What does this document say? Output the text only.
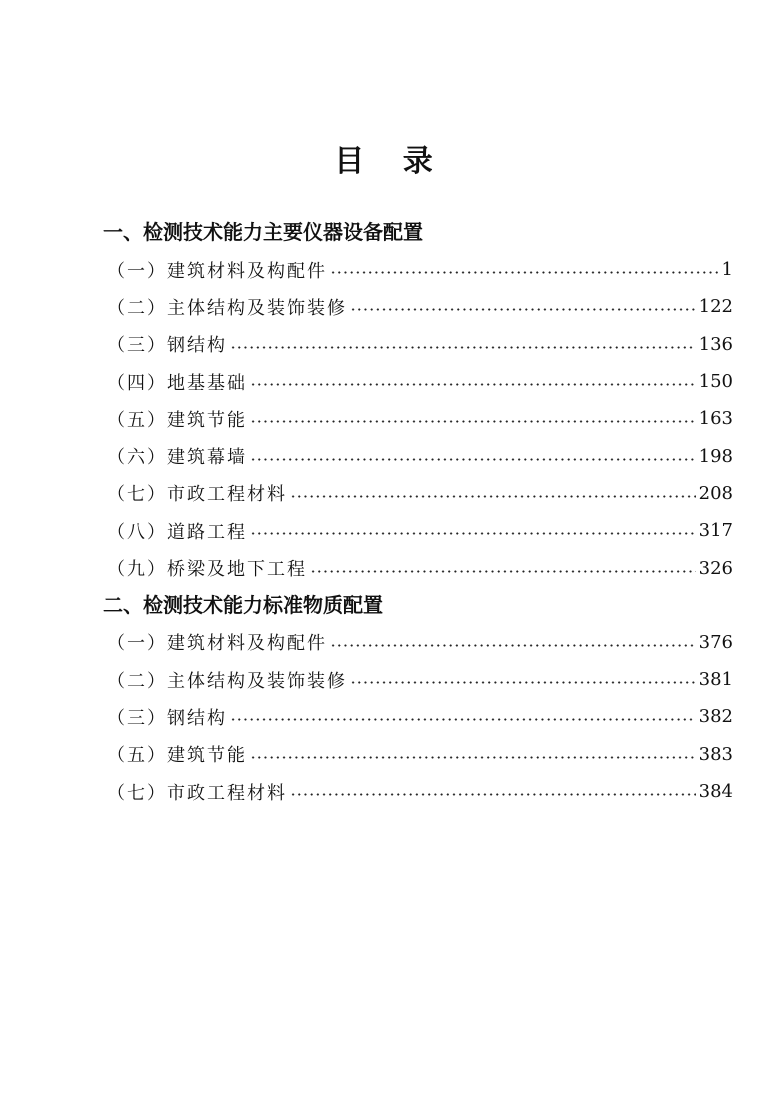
目 录
一、检测技术能力主要仪器设备配置
（一）建筑材料及构配件	1
（二）主体结构及装饰装修	122
（三）钢结构	136
（四）地基基础	150
（五）建筑节能	163
（六）建筑幕墙	198
（七）市政工程材料	208
（八）道路工程	317
（九）桥梁及地下工程	326
二、检测技术能力标准物质配置
（一）建筑材料及构配件	376
（二）主体结构及装饰装修	381
（三）钢结构	382
（五）建筑节能	383
（七）市政工程材料	384
